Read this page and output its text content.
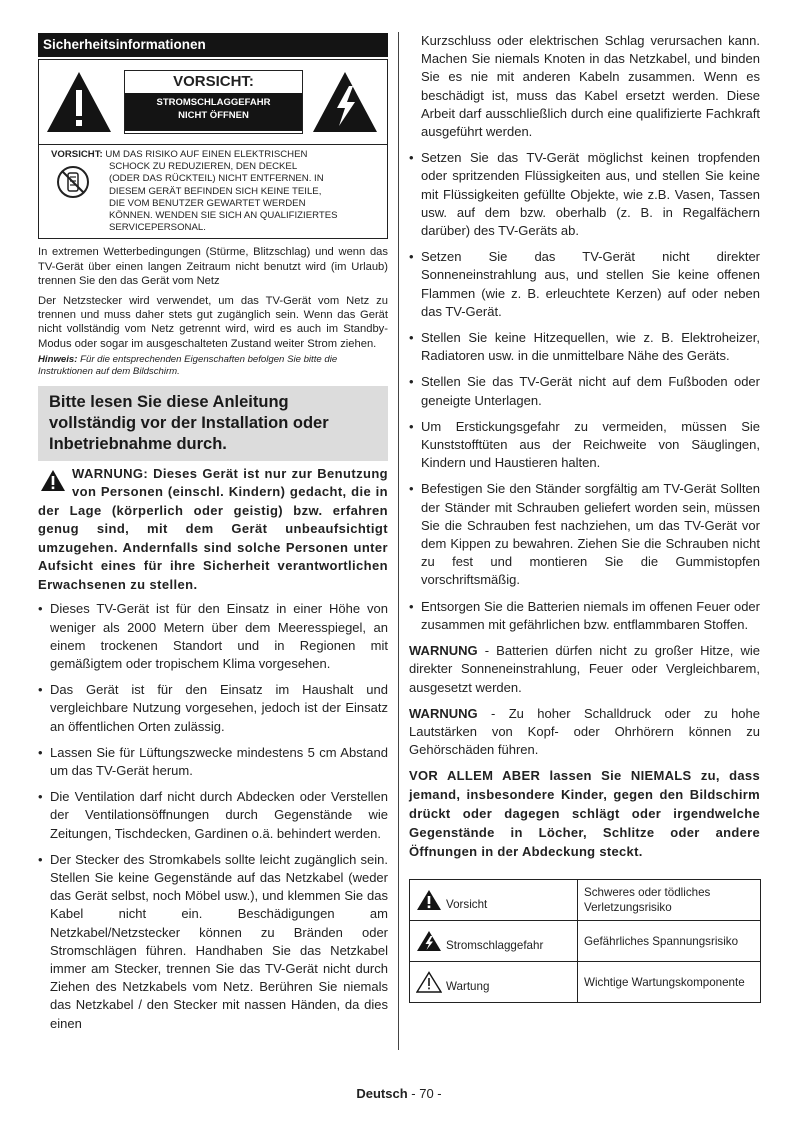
Sicherheitsinformationen
VORSICHT:
STROMSCHLAGGEFAHR
NICHT ÖFFNEN
VORSICHT: UM DAS RISIKO AUF EINEN ELEKTRISCHEN
SCHOCK ZU REDUZIEREN, DEN DECKEL
(ODER DAS RÜCKTEIL) NICHT ENTFERNEN. IN
DIESEM GERÄT BEFINDEN SICH KEINE TEILE,
DIE VOM BENUTZER GEWARTET WERDEN
KÖNNEN. WENDEN SIE SICH AN QUALIFIZIERTES
SERVICEPERSONAL.

In extremen Wetterbedingungen (Stürme, Blitzschlag) und wenn das TV-Gerät über einen langen Zeitraum nicht benutzt wird (im Urlaub) trennen Sie den das Gerät vom Netz

Der Netzstecker wird verwendet, um das TV-Gerät vom Netz zu trennen und muss daher stets gut zugänglich sein. Wenn das Gerät nicht vollständig vom Netz getrennt wird, wird es auch im Standby-Modus oder sogar im ausgeschalteten Zustand weiter Strom ziehen.

Hinweis: Für die entsprechenden Eigenschaften befolgen Sie bitte die Instruktionen auf dem Bildschirm.

Bitte lesen Sie diese Anleitung vollständig vor der Installation oder Inbetriebnahme durch.
WARNUNG: Dieses Gerät ist nur zur Benutzung von Personen (einschl. Kindern) gedacht, die in der Lage (körperlich oder geistig) bzw. erfahren genug sind, mit dem Gerät unbeaufsichtigt umzugehen. Andernfalls sind solche Personen unter Aufsicht eines für ihre Sicherheit verantwortlichen Erwachsenen zu stellen.
• Dieses TV-Gerät ist für den Einsatz in einer Höhe von weniger als 2000 Metern über dem Meeresspiegel, an einem trockenen Standort und in Regionen mit gemäßigtem oder tropischem Klima vorgesehen.
• Das Gerät ist für den Einsatz im Haushalt und vergleichbare Nutzung vorgesehen, jedoch ist der Einsatz an öffentlichen Orten zulässig.
• Lassen Sie für Lüftungszwecke mindestens 5 cm Abstand um das TV-Gerät herum.
• Die Ventilation darf nicht durch Abdecken oder Verstellen der Ventilationsöffnungen durch Gegenstände wie Zeitungen, Tischdecken, Gardinen o.ä. behindert werden.
• Der Stecker des Stromkabels sollte leicht zugänglich sein. Stellen Sie keine Gegenstände auf das Netzkabel (weder das Gerät selbst, noch Möbel usw.), und klemmen Sie das Kabel nicht ein. Beschädigungen am Netzkabel/Netzstecker können zu Bränden oder Stromschlägen führen. Handhaben Sie das Netzkabel immer am Stecker, trennen Sie das TV-Gerät nicht durch Ziehen des Netzkabels vom Netz. Berühren Sie niemals das Netzkabel / den Stecker mit nassen Händen, da dies einen

Kurzschluss oder elektrischen Schlag verursachen kann. Machen Sie niemals Knoten in das Netzkabel, und binden Sie es nie mit anderen Kabeln zusammen. Wenn es beschädigt ist, muss das Kabel ersetzt werden. Diese Arbeit darf ausschließlich durch eine qualifizierte Fachkraft ausgeführt werden.

• Setzen Sie das TV-Gerät möglichst keinen tropfenden oder spritzenden Flüssigkeiten aus, und stellen Sie keine mit Flüssigkeiten gefüllte Objekte, wie z.B. Vasen, Tassen usw. auf dem bzw. oberhalb (z. B. in Regalfächern darüber) des TV-Geräts ab.
• Setzen Sie das TV-Gerät nicht direkter Sonneneinstrahlung aus, und stellen Sie keine offenen Flammen (wie z. B. erleuchtete Kerzen) auf oder neben das TV-Gerät.
• Stellen Sie keine Hitzequellen, wie z. B. Elektroheizer, Radiatoren usw. in die unmittelbare Nähe des Geräts.
• Stellen Sie das TV-Gerät nicht auf dem Fußboden oder geneigte Unterlagen.
• Um Erstickungsgefahr zu vermeiden, müssen Sie Kunststofftüten aus der Reichweite von Säuglingen, Kindern und Haustieren halten.
• Befestigen Sie den Ständer sorgfältig am TV-Gerät Sollten der Ständer mit Schrauben geliefert worden sein, müssen Sie die Schrauben fest nachziehen, um das TV-Gerät vor dem Kippen zu bewahren. Ziehen Sie die Schrauben nicht zu fest und montieren Sie die Gummistopfen vorschriftsmäßig.
• Entsorgen Sie die Batterien niemals im offenen Feuer oder zusammen mit gefährlichen bzw. entflammbaren Stoffen.

WARNUNG - Batterien dürfen nicht zu großer Hitze, wie direkter Sonneneinstrahlung, Feuer oder Vergleichbarem, ausgesetzt werden.

WARNUNG - Zu hoher Schalldruck oder zu hohe Lautstärken von Kopf- oder Ohrhörern können zu Gehörschäden führen.

VOR ALLEM ABER lassen Sie NIEMALS zu, dass jemand, insbesondere Kinder, gegen den Bildschirm drückt oder dagegen schlägt oder irgendwelche Gegenstände in Löcher, Schlitze oder andere Öffnungen in der Abdeckung steckt.
Vorsicht	Schweres oder tödliches Verletzungsrisiko

Stromschlaggefahr	Gefährliches Spannungsrisiko

Wartung	Wichtige Wartungskomponente
Deutsch - 70 -
